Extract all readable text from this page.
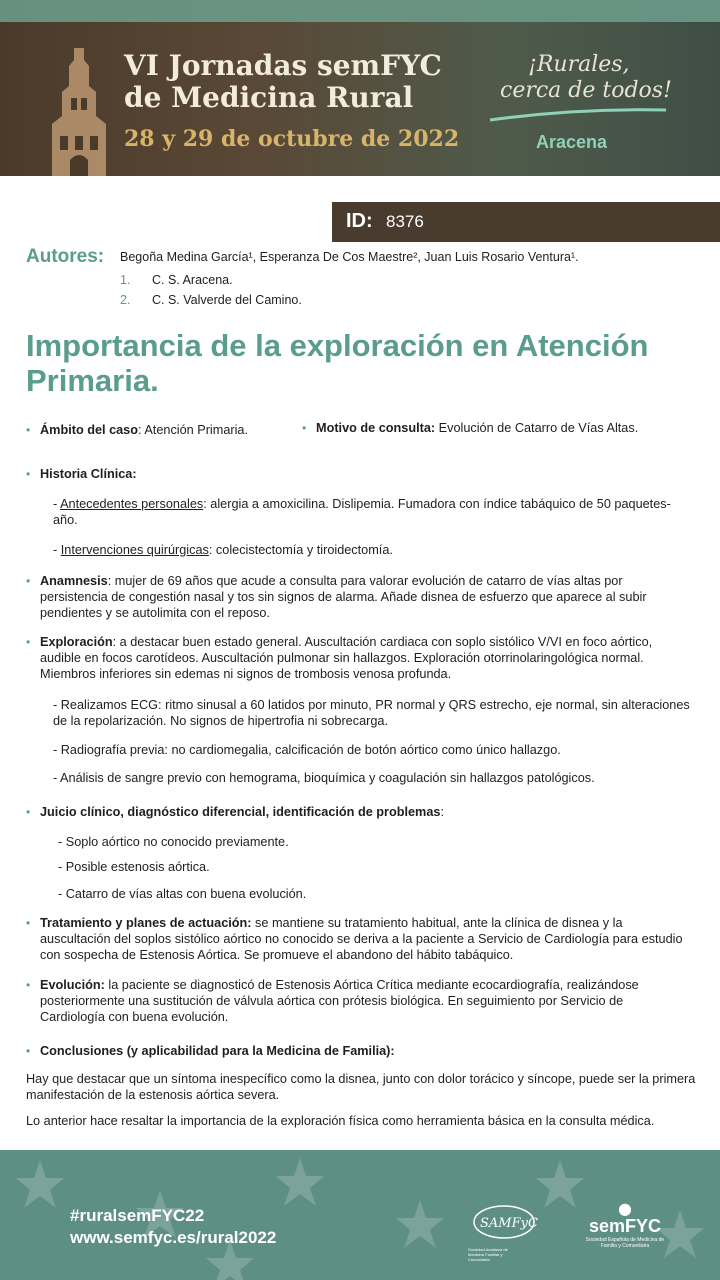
VI Jornadas semFYC
de Medicina Rural
28 y 29 de octubre de 2022
¡Rurales,
cerca de todos!
Aracena
ID: 8376
Autores: Begoña Medina García¹, Esperanza De Cos Maestre², Juan Luis Rosario Ventura¹.
1. C. S. Aracena.
2. C. S. Valverde del Camino.
Importancia de la exploración en Atención Primaria.
• Ámbito del caso: Atención Primaria.	• Motivo de consulta: Evolución de Catarro de Vías Altas.
• Historia Clínica:
- Antecedentes personales: alergia a amoxicilina. Dislipemia. Fumadora con índice tabáquico de 50 paquetes-año.
- Intervenciones quirúrgicas: colecistectomía y tiroidectomía.
• Anamnesis: mujer de 69 años que acude a consulta para valorar evolución de catarro de vías altas por persistencia de congestión nasal y tos sin signos de alarma. Añade disnea de esfuerzo que aparece al subir pendientes y se autolimita con el reposo.
• Exploración: a destacar buen estado general. Auscultación cardiaca con soplo sistólico V/VI en foco aórtico, audible en focos carotídeos. Auscultación pulmonar sin hallazgos. Exploración otorrinolaringológica normal. Miembros inferiores sin edemas ni signos de trombosis venosa profunda.
- Realizamos ECG: ritmo sinusal a 60 latidos por minuto, PR normal y QRS estrecho, eje normal, sin alteraciones de la repolarización. No signos de hipertrofia ni sobrecarga.
- Radiografía previa: no cardiomegalia, calcificación de botón aórtico como único hallazgo.
- Análisis de sangre previo con hemograma, bioquímica y coagulación sin hallazgos patológicos.
• Juicio clínico, diagnóstico diferencial, identificación de problemas:
- Soplo aórtico no conocido previamente.
- Posible estenosis aórtica.
- Catarro de vías altas con buena evolución.
• Tratamiento y planes de actuación: se mantiene su tratamiento habitual, ante la clínica de disnea y la auscultación del soplos sistólico aórtico no conocido se deriva a la paciente a Servicio de Cardiología para estudio con sospecha de Estenosis Aórtica. Se promueve el abandono del hábito tabáquico.
• Evolución: la paciente se diagnosticó de Estenosis Aórtica Crítica mediante ecocardiografía, realizándose posteriormente una sustitución de válvula aórtica con prótesis biológica. En seguimiento por Servicio de Cardiología con buena evolución.
• Conclusiones (y aplicabilidad para la Medicina de Familia):
Hay que destacar que un síntoma inespecífico como la disnea, junto con dolor torácico y síncope, puede ser la primera manifestación de la estenosis aórtica severa.
Lo anterior hace resaltar la importancia de la exploración física como herramienta básica en la consulta médica.
#ruralsemFYC22
www.semfyc.es/rural2022
SAMFyC
Sociedad Andaluza de Medicina Familiar y Comunitaria
⬤
semFYC
Sociedad Española de Medicina de Familia y Comunitaria
